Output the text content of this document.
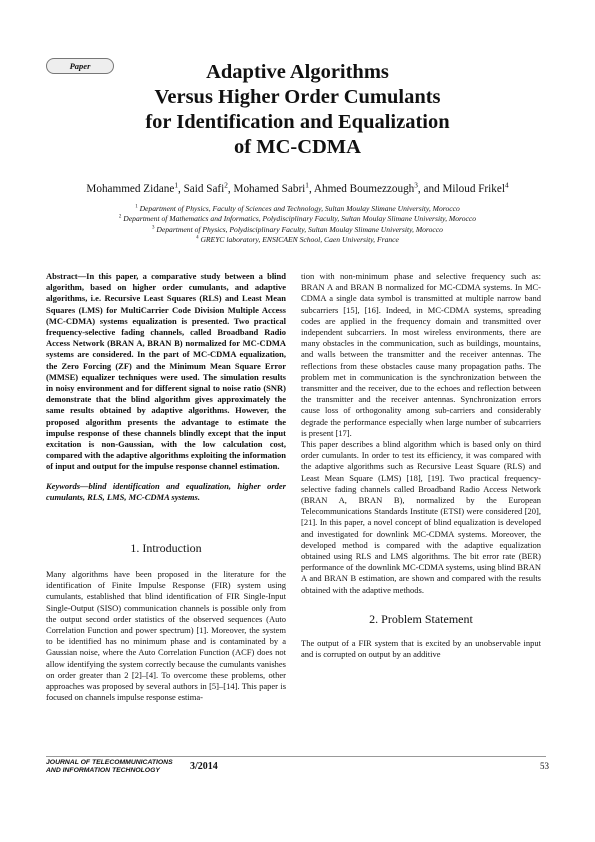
Paper	Adaptive Algorithms
Versus Higher Order Cumulants
for Identification and Equalization
of MC-CDMA
Mohammed Zidane$^1$, Said Safi$^2$, Mohamed Sabri$^1$, Ahmed Boumezzough$^3$, and Miloud Frikel$^4$
$^1$ Department of Physics, Faculty of Sciences and Technology, Sultan Moulay Slimane University, Morocco
$^2$ Department of Mathematics and Informatics, Polydisciplinary Faculty, Sultan Moulay Slimane University, Morocco
$^3$ Department of Physics, Polydisciplinary Faculty, Sultan Moulay Slimane University, Morocco
$^4$ GREYC laboratory, ENSICAEN School, Caen University, France

Abstract—In this paper, a comparative study between a blind algorithm, based on higher order cumulants, and adaptive algorithms, i.e. Recursive Least Squares (RLS) and Least Mean Squares (LMS) for MultiCarrier Code Division Multiple Access (MC-CDMA) systems equalization is presented. Two practical frequency-selective fading channels, called Broadband Radio Access Network (BRAN A, BRAN B) normalized for MC-CDMA systems are considered. In the part of MC-CDMA equalization, the Zero Forcing (ZF) and the Minimum Mean Square Error (MMSE) equalizer techniques were used. The simulation results in noisy environment and for different signal to noise ratio (SNR) demonstrate that the blind algorithm gives approximately the same results obtained by adaptive algorithms. However, the proposed algorithm presents the advantage to estimate the impulse response of these channels blindly except that the input excitation is non-Gaussian, with the low calculation cost, compared with the adaptive algorithms exploiting the information of input and output for the impulse response channel estimation.

Keywords—blind identification and equalization, higher order cumulants, RLS, LMS, MC-CDMA systems.

1. Introduction

Many algorithms have been proposed in the literature for the identification of Finite Impulse Response (FIR) system using cumulants, established that blind identification of FIR Single-Input Single-Output (SISO) communication channels is possible only from the output second order statistics of the observed sequences (Auto Correlation Function and power spectrum) [1]. Moreover, the system to be identified has no minimum phase and is contaminated by a Gaussian noise, where the Auto Correlation Function (ACF) does not allow identifying the system correctly because the cumulants vanishes on order greater than 2 [2]–[4]. To overcome these problems, other approaches was proposed by several authors in [5]–[14]. This paper is focused on channels impulse response estima-

tion with non-minimum phase and selective frequency such as: BRAN A and BRAN B normalized for MC-CDMA systems. In MC-CDMA a single data symbol is transmitted at multiple narrow band subcarriers [15], [16]. Indeed, in MC-CDMA systems, spreading codes are applied in the frequency domain and transmitted over independent subcarriers. In most wireless environments, there are many obstacles in the communication, such as buildings, mountains, and walls between the transmitter and the receiver antennas. The reflections from these obstacles cause many propagation paths. The problem met in communication is the synchronization between the transmitter and the receiver, due to the echoes and reflection between the transmitter and the receiver antennas. Synchronization errors cause loss of orthogonality among sub-carriers and considerably degrade the performance especially when large number of subcarriers is present [17].

This paper describes a blind algorithm which is based only on third order cumulants. In order to test its efficiency, it was compared with the adaptive algorithms such as Recursive Least Square (RLS) and Least Mean Square (LMS) [18], [19]. Two practical frequency-selective fading channels called Broadband Radio Access Network (BRAN A, BRAN B), normalized by the European Telecommunications Standards Institute (ETSI) were considered [20], [21]. In this paper, a novel concept of blind equalization is developed and investigated for downlink MC-CDMA systems. Moreover, the developed method is compared with the adaptive equalization obtained using RLS and LMS algorithms. The bit error rate (BER) performance of the downlink MC-CDMA systems, using blind BRAN A and BRAN B estimation, are shown and compared with the results obtained with the adaptive methods.

2. Problem Statement

The output of a FIR system that is excited by an unobservable input and is corrupted on output by an additive

JOURNAL OF TELECOMMUNICATIONS
AND INFORMATION TECHNOLOGY	3/2014	53
